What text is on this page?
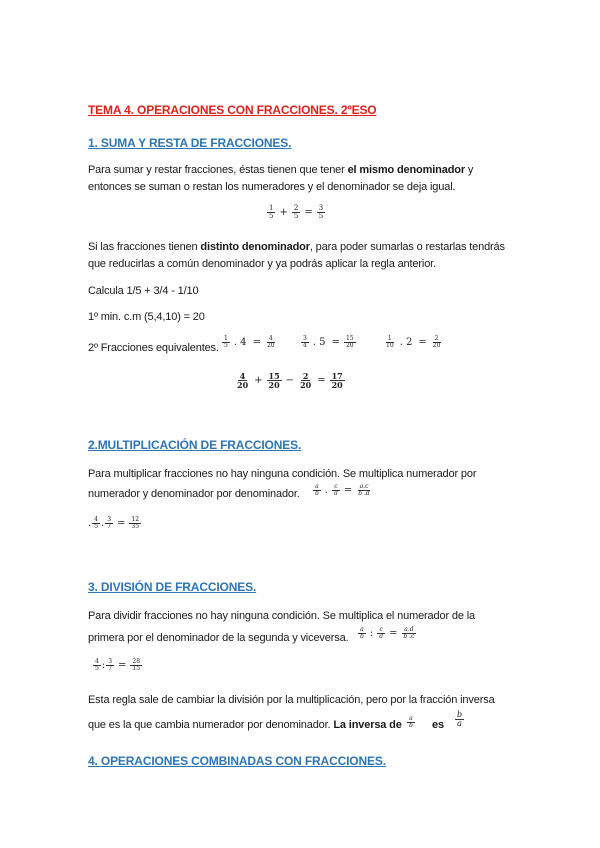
TEMA 4. OPERACIONES CON FRACCIONES. 2ºESO
1. SUMA Y RESTA DE FRACCIONES.
Para sumar y restar fracciones, éstas tienen que tener el mismo denominador y
entonces se suman o restan los numeradores y el denominador se deja igual.
$\frac{1}{5} + \frac{2}{5} = \frac{3}{5}$
Si las fracciones tienen distinto denominador, para poder sumarlas o restarlas tendrás
que reducirlas a común denominador y ya podrás aplicar la regla anterior.
Calcula 1/5 + 3/4 - 1/10
1º min. c.m (5,4,10) = 20
2º Fracciones equivalentes. $\frac{1}{5}$ . $4 = \frac{4}{20}$	$\frac{3}{4}$ . $5 = \frac{15}{20}$	$\frac{1}{10}$ . $2 = \frac{2}{20}$
$\frac{4}{20} + \frac{15}{20} - \frac{2}{20} = \frac{17}{20}$
2.MULTIPLICACIÓN DE FRACCIONES.
Para multiplicar fracciones no hay ninguna condición. Se multiplica numerador por
numerador y denominador por denominador. $\frac{a}{b}$ . $\frac{c}{d} = \frac{a.c}{b .d}$
. $\frac{4}{5}$ . $\frac{3}{7} = \frac{12}{35}$
3. DIVISIÓN DE FRACCIONES.
Para dividir fracciones no hay ninguna condición. Se multiplica el numerador de la
primera por el denominador de la segunda y viceversa. $\frac{a}{b}$ : $\frac{c}{d} = \frac{a.d}{b .c}$
$\frac{4}{5}$ : $\frac{3}{7} = \frac{28}{15}$
Esta regla sale de cambiar la división por la multiplicación, pero por la fracción inversa
que es la que cambia numerador por denominador. La inversa de $\frac{a}{b}$ es $\frac{b}{a}$
4. OPERACIONES COMBINADAS CON FRACCIONES.
